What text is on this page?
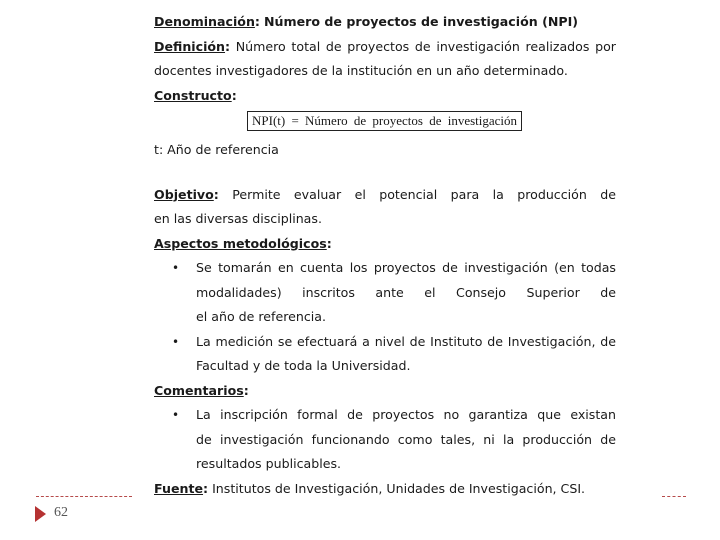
Denominación: Número de proyectos de investigación (NPI)
Definición: Número total de proyectos de investigación realizados por
docentes investigadores de la institución en un año determinado.
Constructo:
NPI(t) = Número de proyectos de investigación
t: Año de referencia
Objetivo: Permite evaluar el potencial para la producción de
en las diversas disciplinas.
Aspectos metodológicos:
• Se tomarán en cuenta los proyectos de investigación (en todas
modalidades) inscritos ante el Consejo Superior de
el año de referencia.
• La medición se efectuará a nivel de Instituto de Investigación, de
Facultad y de toda la Universidad.
Comentarios:
• La inscripción formal de proyectos no garantiza que existan
de investigación funcionando como tales, ni la producción de
resultados publicables.
Fuente: Institutos de Investigación, Unidades de Investigación, CSI.
62
